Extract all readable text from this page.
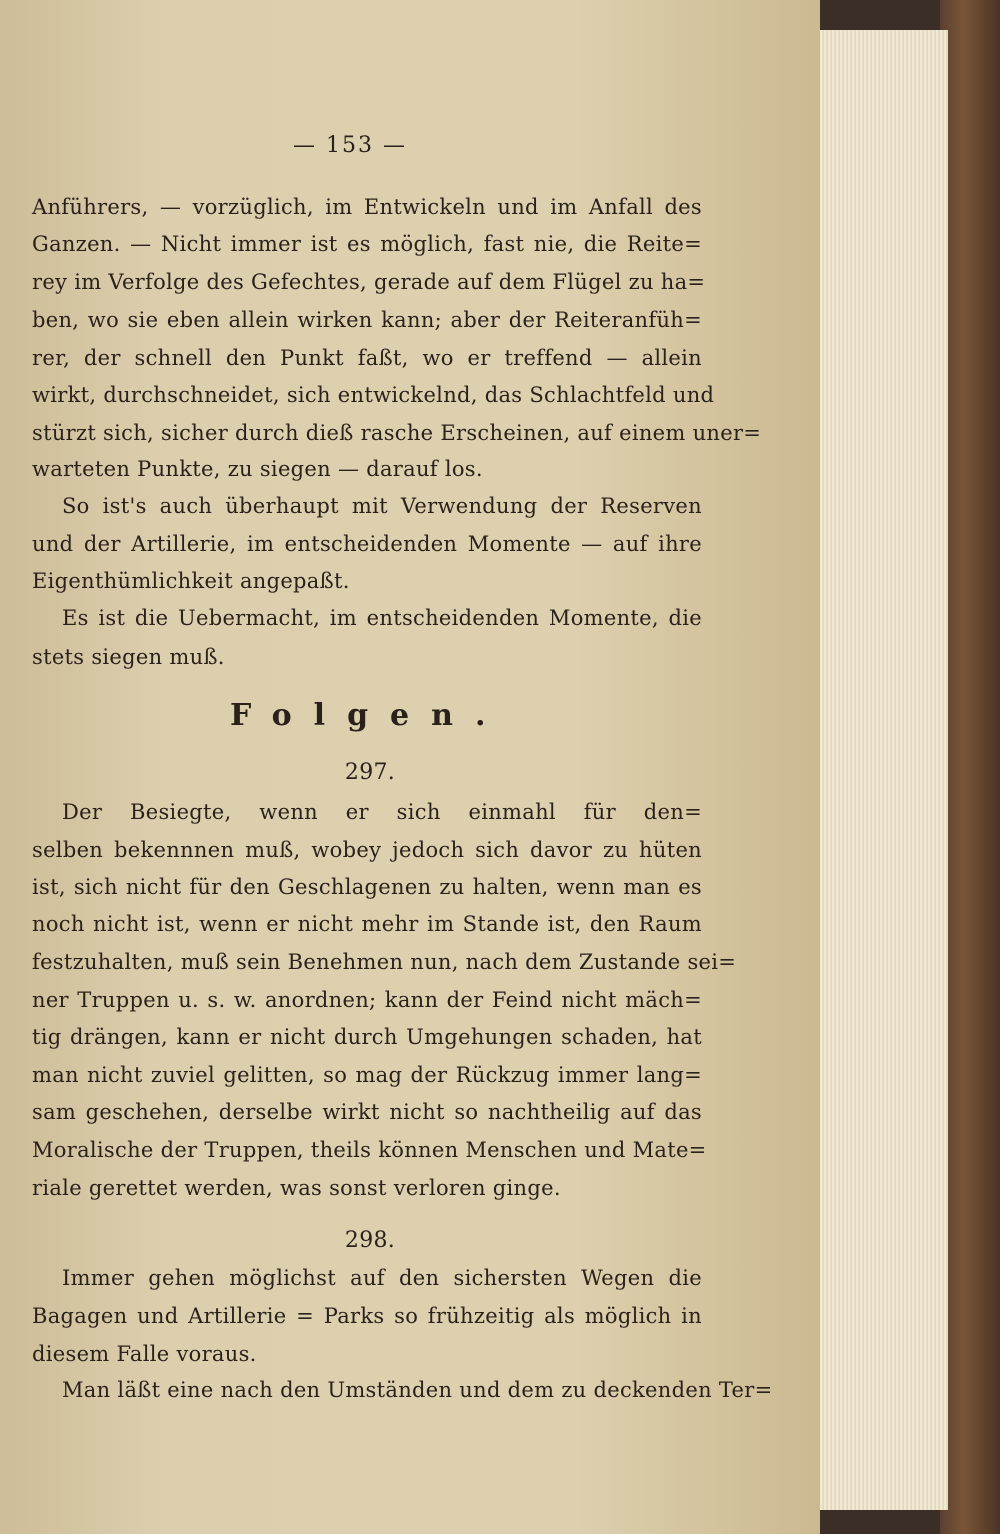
— 153 —
Anführers, — vorzüglich, im Entwickeln und im Anfall des
Ganzen. — Nicht immer ist es möglich, fast nie, die Reite=
rey im Verfolge des Gefechtes, gerade auf dem Flügel zu ha=
ben, wo sie eben allein wirken kann; aber der Reiteranfüh=
rer, der schnell den Punkt faßt, wo er treffend — allein
wirkt, durchschneidet, sich entwickelnd, das Schlachtfeld und
stürzt sich, sicher durch dieß rasche Erscheinen, auf einem uner=
warteten Punkte, zu siegen — darauf los.
So ist's auch überhaupt mit Verwendung der Reserven
und der Artillerie, im entscheidenden Momente — auf ihre
Eigenthümlichkeit angepaßt.
Es ist die Uebermacht, im entscheidenden Momente, die
stets siegen muß.
Folgen.
297.
Der Besiegte, wenn er sich einmahl für den=
selben bekennnen muß, wobey jedoch sich davor zu hüten
ist, sich nicht für den Geschlagenen zu halten, wenn man es
noch nicht ist, wenn er nicht mehr im Stande ist, den Raum
festzuhalten, muß sein Benehmen nun, nach dem Zustande sei=
ner Truppen u. s. w. anordnen; kann der Feind nicht mäch=
tig drängen, kann er nicht durch Umgehungen schaden, hat
man nicht zuviel gelitten, so mag der Rückzug immer lang=
sam geschehen, derselbe wirkt nicht so nachtheilig auf das
Moralische der Truppen, theils können Menschen und Mate=
riale gerettet werden, was sonst verloren ginge.
298.
Immer gehen möglichst auf den sichersten Wegen die
Bagagen und Artillerie = Parks so frühzeitig als möglich in
diesem Falle voraus.
Man läßt eine nach den Umständen und dem zu deckenden Ter=
